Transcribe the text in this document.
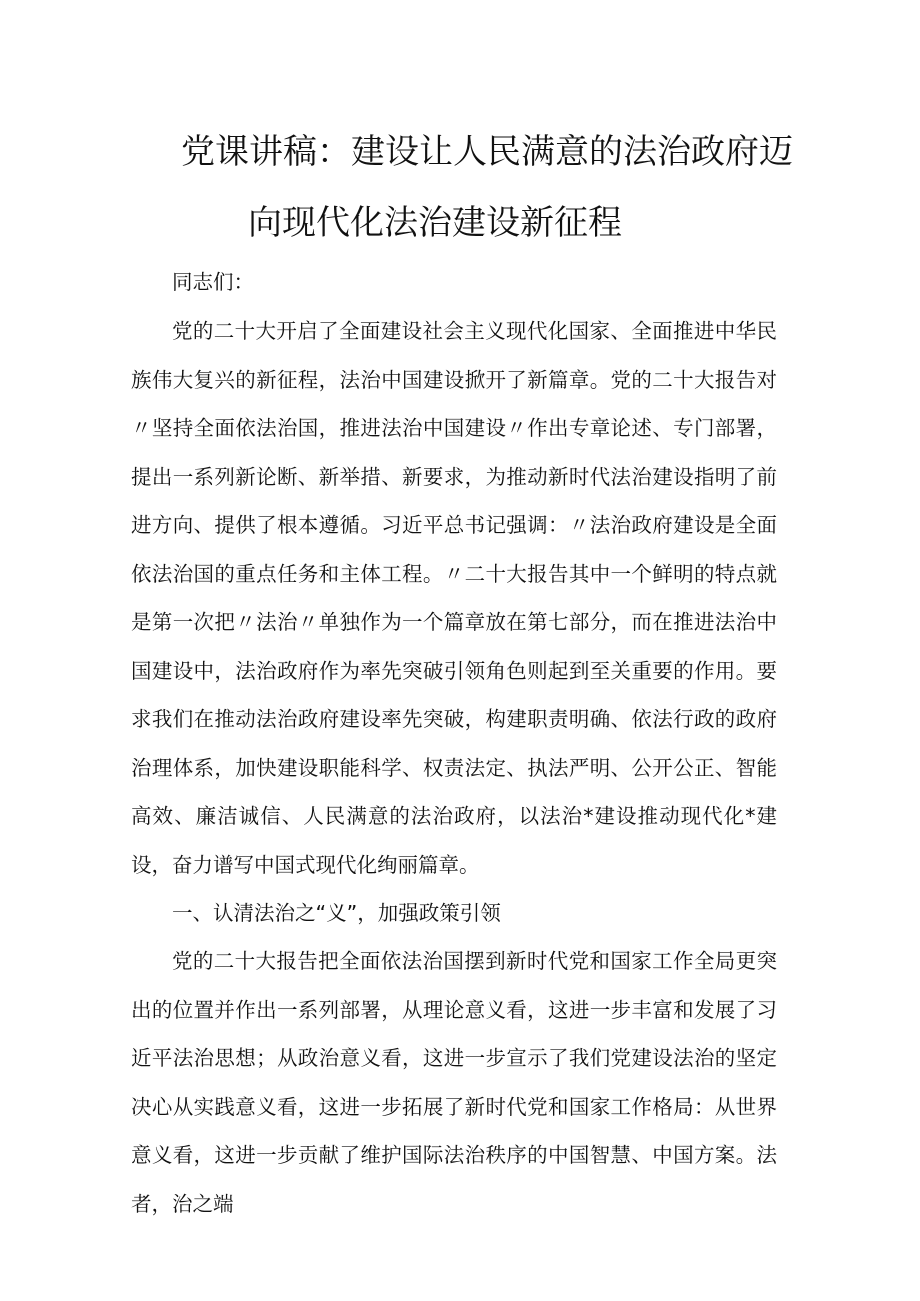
党课讲稿：建设让人民满意的法治政府迈
向现代化法治建设新征程

同志们：

党的二十大开启了全面建设社会主义现代化国家、全面推进中华民族伟大复兴的新征程，法治中国建设掀开了新篇章。党的二十大报告对〃坚持全面依法治国，推进法治中国建设〃作出专章论述、专门部署，提出一系列新论断、新举措、新要求，为推动新时代法治建设指明了前进方向、提供了根本遵循。习近平总书记强调：〃法治政府建设是全面依法治国的重点任务和主体工程。〃二十大报告其中一个鲜明的特点就是第一次把〃法治〃单独作为一个篇章放在第七部分，而在推进法治中国建设中，法治政府作为率先突破引领角色则起到至关重要的作用。要求我们在推动法治政府建设率先突破，构建职责明确、依法行政的政府治理体系，加快建设职能科学、权责法定、执法严明、公开公正、智能高效、廉洁诚信、人民满意的法治政府，以法治*建设推动现代化*建设，奋力谱写中国式现代化绚丽篇章。

一、认清法治之“义”，加强政策引领

党的二十大报告把全面依法治国摆到新时代党和国家工作全局更突出的位置并作出一系列部署，从理论意义看，这进一步丰富和发展了习近平法治思想；从政治意义看，这进一步宣示了我们党建设法治的坚定决心从实践意义看，这进一步拓展了新时代党和国家工作格局：从世界意义看，这进一步贡献了维护国际法治秩序的中国智慧、中国方案。法者，治之端
